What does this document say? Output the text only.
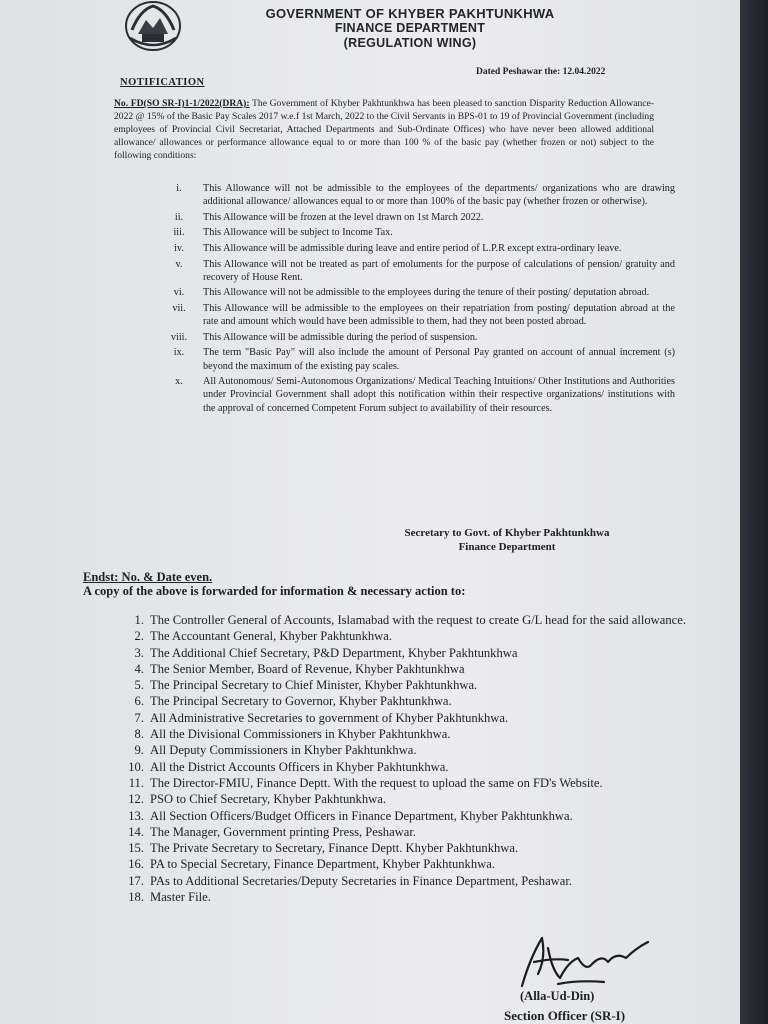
GOVERNMENT OF KHYBER PAKHTUNKHWA
FINANCE DEPARTMENT
(REGULATION WING)
NOTIFICATION
Dated Peshawar the: 12.04.2022
No. FD(SO SR-I)1-1/2022(DRA): The Government of Khyber Pakhtunkhwa has been pleased to sanction Disparity Reduction Allowance-2022 @ 15% of the Basic Pay Scales 2017 w.e.f 1st March, 2022 to the Civil Servants in BPS-01 to 19 of Provincial Government (including employees of Provincial Civil Secretariat, Attached Departments and Sub-Ordinate Offices) who have never been allowed additional allowance/ allowances or performance allowance equal to or more than 100 % of the basic pay (whether frozen or not) subject to the following conditions:
i.	This Allowance will not be admissible to the employees of the departments/ organizations who are drawing additional allowance/ allowances equal to or more than 100% of the basic pay (whether frozen or otherwise).
ii.	This Allowance will be frozen at the level drawn on 1st March 2022.
iii.	This Allowance will be subject to Income Tax.
iv.	This Allowance will be admissible during leave and entire period of L.P.R except extra-ordinary leave.
v.	This Allowance will not be treated as part of emoluments for the purpose of calculations of pension/ gratuity and recovery of House Rent.
vi.	This Allowance will not be admissible to the employees during the tenure of their posting/ deputation abroad.
vii.	This Allowance will be admissible to the employees on their repatriation from posting/ deputation abroad at the rate and amount which would have been admissible to them, had they not been posted abroad.
viii.	This Allowance will be admissible during the period of suspension.
ix.	The term "Basic Pay" will also include the amount of Personal Pay granted on account of annual increment (s) beyond the maximum of the existing pay scales.
x.	All Autonomous/ Semi-Autonomous Organizations/ Medical Teaching Intuitions/ Other Institutions and Authorities under Provincial Government shall adopt this notification within their respective organizations/ institutions with the approval of concerned Competent Forum subject to availability of their resources.
Secretary to Govt. of Khyber Pakhtunkhwa
Finance Department
Endst: No. & Date even.
A copy of the above is forwarded for information & necessary action to:
1. The Controller General of Accounts, Islamabad with the request to create G/L head for the said allowance.
2. The Accountant General, Khyber Pakhtunkhwa.
3. The Additional Chief Secretary, P&D Department, Khyber Pakhtunkhwa
4. The Senior Member, Board of Revenue, Khyber Pakhtunkhwa
5. The Principal Secretary to Chief Minister, Khyber Pakhtunkhwa.
6. The Principal Secretary to Governor, Khyber Pakhtunkhwa.
7. All Administrative Secretaries to government of Khyber Pakhtunkhwa.
8. All the Divisional Commissioners in Khyber Pakhtunkhwa.
9. All Deputy Commissioners in Khyber Pakhtunkhwa.
10. All the District Accounts Officers in Khyber Pakhtunkhwa.
11. The Director-FMIU, Finance Deptt. With the request to upload the same on FD's Website.
12. PSO to Chief Secretary, Khyber Pakhtunkhwa.
13. All Section Officers/Budget Officers in Finance Department, Khyber Pakhtunkhwa.
14. The Manager, Government printing Press, Peshawar.
15. The Private Secretary to Secretary, Finance Deptt. Khyber Pakhtunkhwa.
16. PA to Special Secretary, Finance Department, Khyber Pakhtunkhwa.
17. PAs to Additional Secretaries/Deputy Secretaries in Finance Department, Peshawar.
18. Master File.
(Alla-Ud-Din)
Section Officer (SR-I)
